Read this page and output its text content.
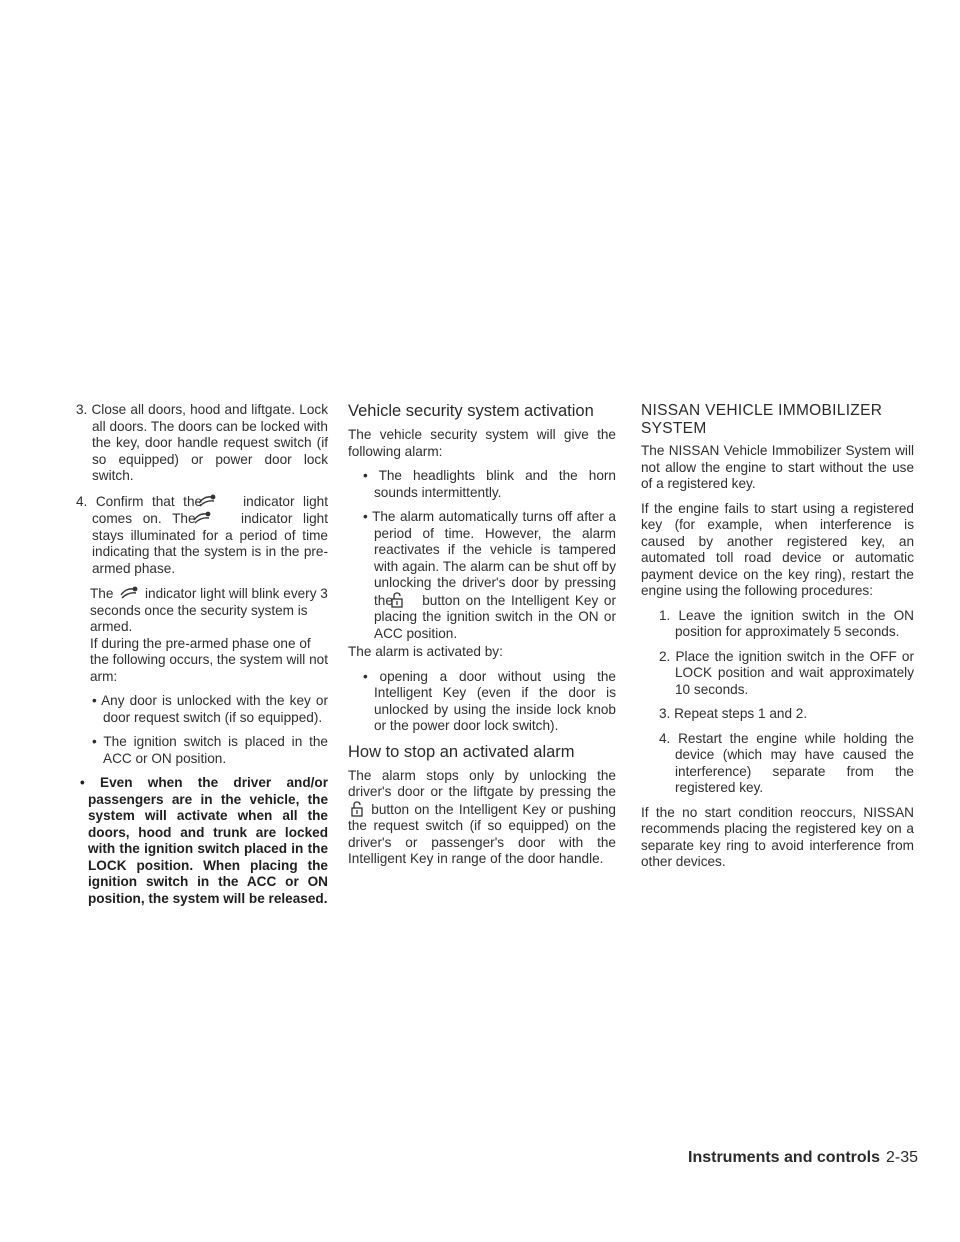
3. Close all doors, hood and liftgate. Lock all doors. The doors can be locked with the key, door handle request switch (if so equipped) or power door lock switch.

4. Confirm that the	indicator light comes on. The	indicator light stays illuminated for a period of time indicating that the system is in the pre-armed phase.

The indicator light will blink every 3 seconds once the security system is armed.

If during the pre-armed phase one of the following occurs, the system will not arm:

• Any door is unlocked with the key or door request switch (if so equipped).

• The ignition switch is placed in the ACC or ON position.

• Even when the driver and/or passengers are in the vehicle, the system will activate when all the doors, hood and trunk are locked with the ignition switch placed in the LOCK position. When placing the ignition switch in the ACC or ON position, the system will be released.

Vehicle security system activation

The vehicle security system will give the following alarm:

• The headlights blink and the horn sounds intermittently.

• The alarm automatically turns off after a period of time. However, the alarm reactivates if the vehicle is tampered with again. The alarm can be shut off by unlocking the driver's door by pressing the button on the Intelligent Key or placing the ignition switch in the ON or ACC position.

The alarm is activated by:

• opening a door without using the Intelligent Key (even if the door is unlocked by using the inside lock knob or the power door lock switch).

How to stop an activated alarm

The alarm stops only by unlocking the driver's door or the liftgate by pressing the  button on the Intelligent Key or pushing the request switch (if so equipped) on the driver's or passenger's door with the Intelligent Key in range of the door handle.

NISSAN VEHICLE IMMOBILIZER SYSTEM

The NISSAN Vehicle Immobilizer System will not allow the engine to start without the use of a registered key.

If the engine fails to start using a registered key (for example, when interference is caused by another registered key, an automated toll road device or automatic payment device on the key ring), restart the engine using the following procedures:

1. Leave the ignition switch in the ON position for approximately 5 seconds.

2. Place the ignition switch in the OFF or LOCK position and wait approximately 10 seconds.

3. Repeat steps 1 and 2.

4. Restart the engine while holding the device (which may have caused the interference) separate from the registered key.

If the no start condition reoccurs, NISSAN recommends placing the registered key on a separate key ring to avoid interference from other devices.

Instruments and controls 2-35
